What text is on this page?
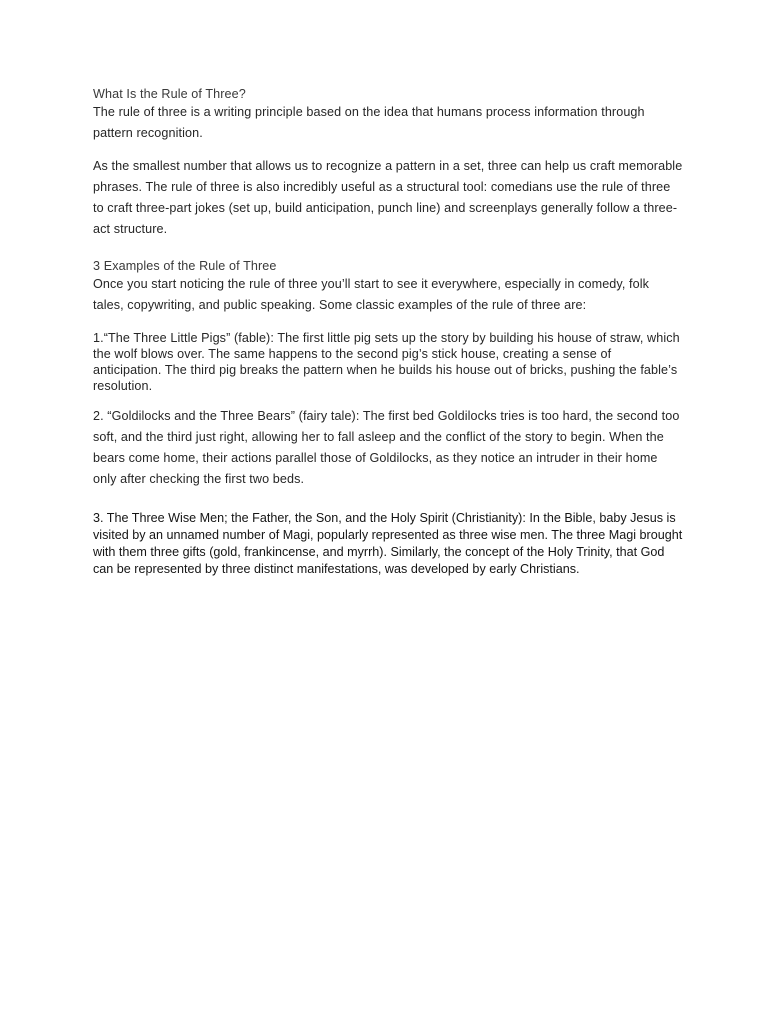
What Is the Rule of Three?
The rule of three is a writing principle based on the idea that humans process information through pattern recognition.

As the smallest number that allows us to recognize a pattern in a set, three can help us craft memorable phrases. The rule of three is also incredibly useful as a structural tool: comedians use the rule of three to craft three-part jokes (set up, build anticipation, punch line) and screenplays generally follow a three-act structure.

3 Examples of the Rule of Three
Once you start noticing the rule of three you’ll start to see it everywhere, especially in comedy, folk tales, copywriting, and public speaking. Some classic examples of the rule of three are:

1.“The Three Little Pigs” (fable): The first little pig sets up the story by building his house of straw, which the wolf blows over. The same happens to the second pig’s stick house, creating a sense of anticipation. The third pig breaks the pattern when he builds his house out of bricks, pushing the fable’s resolution.

2. “Goldilocks and the Three Bears” (fairy tale): The first bed Goldilocks tries is too hard, the second too soft, and the third just right, allowing her to fall asleep and the conflict of the story to begin. When the bears come home, their actions parallel those of Goldilocks, as they notice an intruder in their home only after checking the first two beds.

3. The Three Wise Men; the Father, the Son, and the Holy Spirit (Christianity): In the Bible, baby Jesus is visited by an unnamed number of Magi, popularly represented as three wise men. The three Magi brought with them three gifts (gold, frankincense, and myrrh). Similarly, the concept of the Holy Trinity, that God can be represented by three distinct manifestations, was developed by early Christians.
